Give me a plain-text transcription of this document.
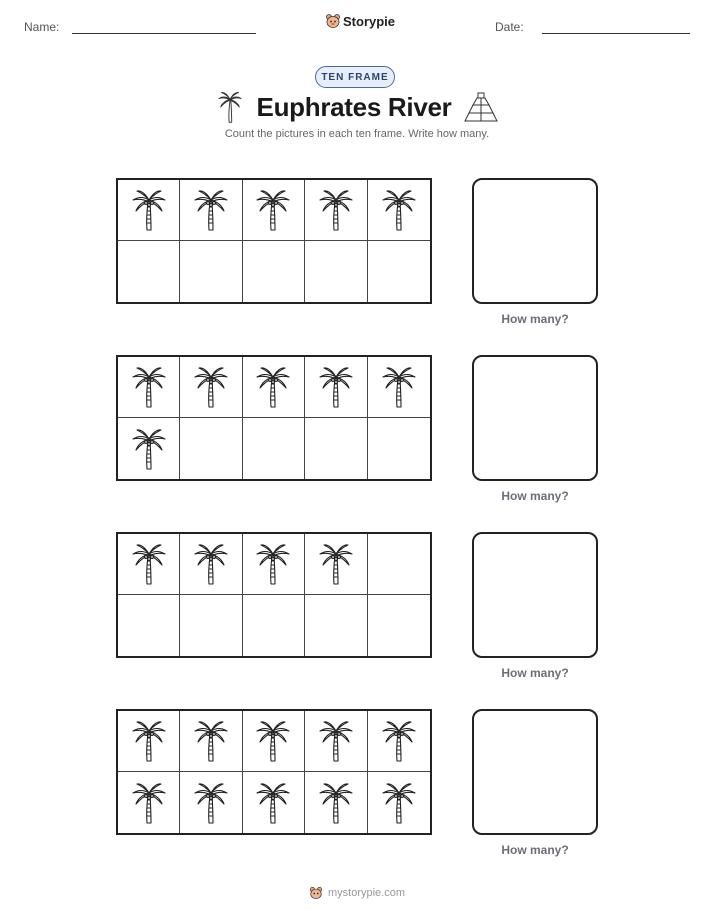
Name:	Storypie	Date:
TEN FRAME
Euphrates River
Count the pictures in each ten frame. Write how many.
How many?
How many?
How many?
How many?
mystorypie.com
